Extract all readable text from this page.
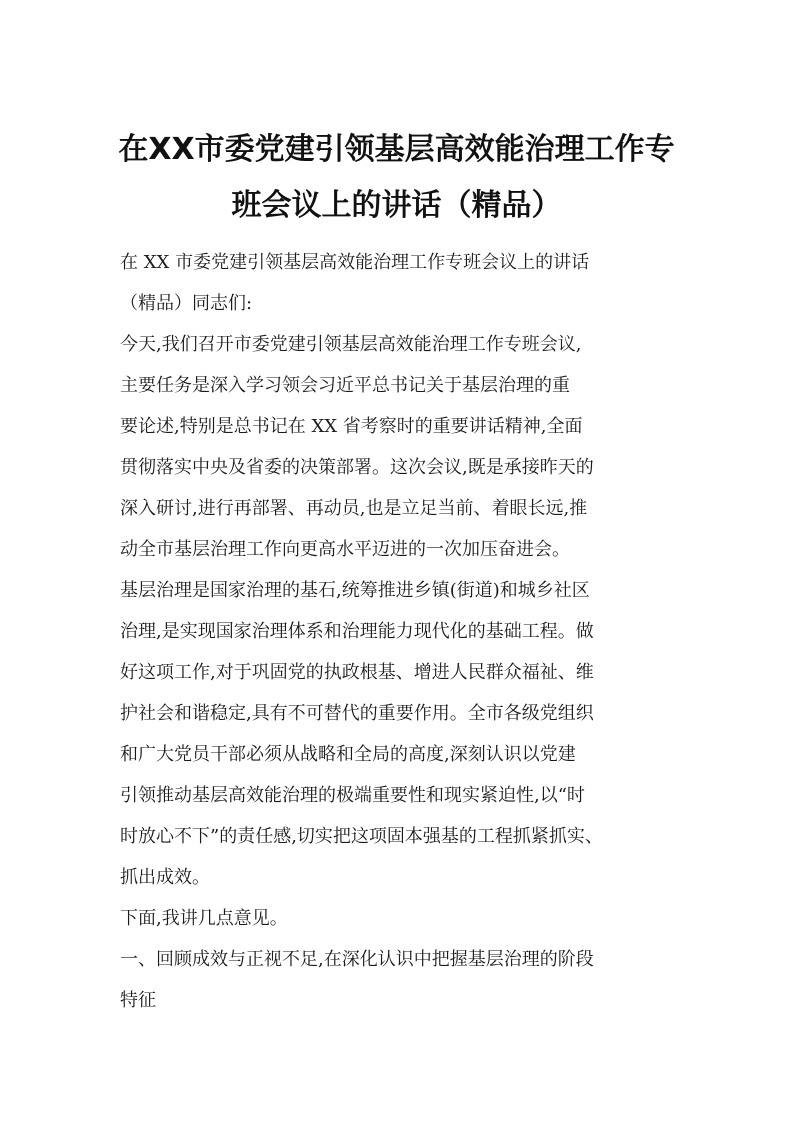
在XX市委党建引领基层高效能治理工作专
班会议上的讲话（精品）

在 XX 市委党建引领基层高效能治理工作专班会议上的讲话
（精品）同志们:

今天,我们召开市委党建引领基层高效能治理工作专班会议,
主要任务是深入学习领会习近平总书记关于基层治理的重
要论述,特别是总书记在 XX 省考察时的重要讲话精神,全面
贯彻落实中央及省委的决策部署。这次会议,既是承接昨天的
深入研讨,进行再部署、再动员,也是立足当前、着眼长远,推
动全市基层治理工作向更高水平迈进的一次加压奋进会。

基层治理是国家治理的基石,统筹推进乡镇(街道)和城乡社区
治理,是实现国家治理体系和治理能力现代化的基础工程。做
好这项工作,对于巩固党的执政根基、增进人民群众福祉、维
护社会和谐稳定,具有不可替代的重要作用。全市各级党组织
和广大党员干部必须从战略和全局的高度,深刻认识以党建
引领推动基层高效能治理的极端重要性和现实紧迫性,以“时
时放心不下”的责任感,切实把这项固本强基的工程抓紧抓实、
抓出成效。

下面,我讲几点意见。

一、回顾成效与正视不足,在深化认识中把握基层治理的阶段
特征
